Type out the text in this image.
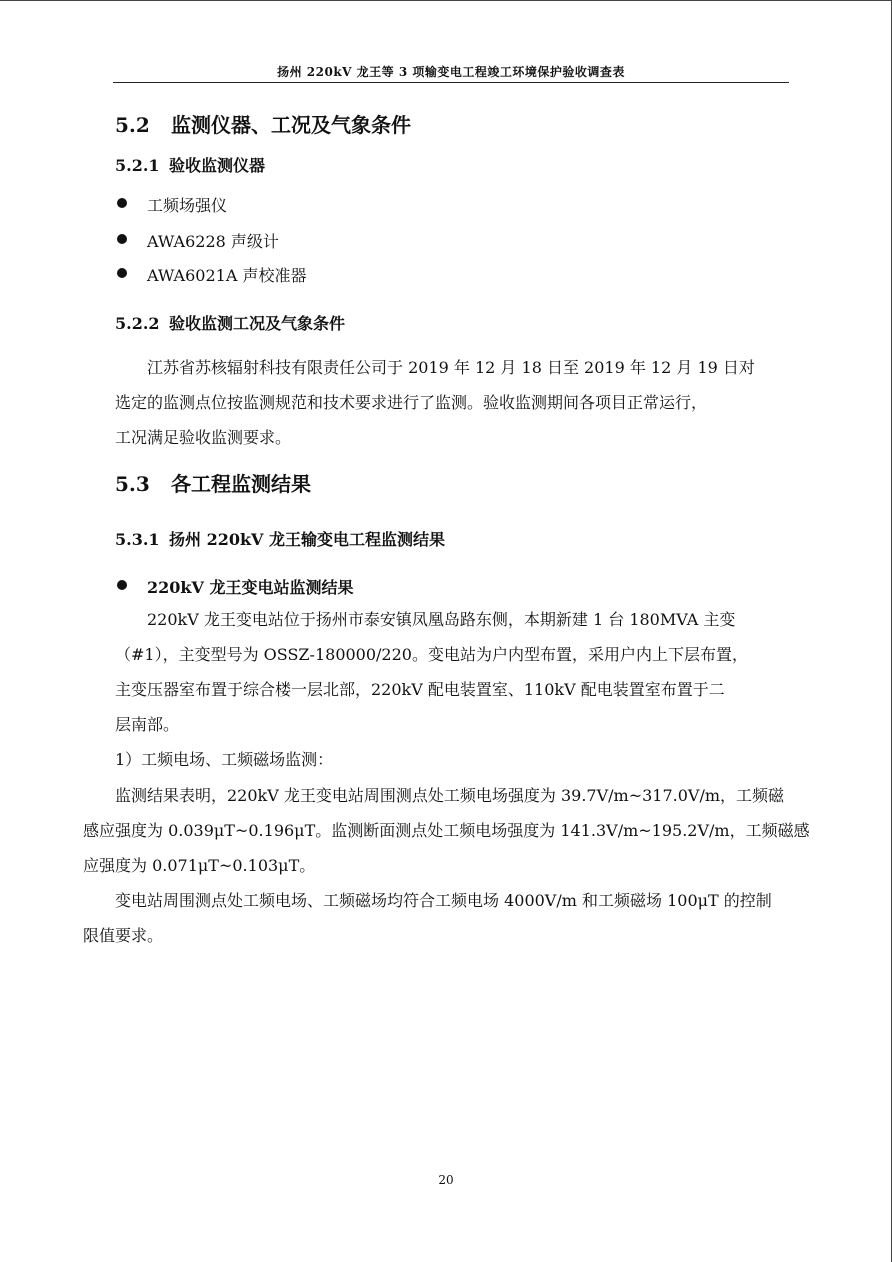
扬州 220kV 龙王等 3 项输变电工程竣工环境保护验收调查表
5.2 监测仪器、工况及气象条件
5.2.1 验收监测仪器
工频场强仪
AWA6228 声级计
AWA6021A 声校准器
5.2.2 验收监测工况及气象条件
江苏省苏核辐射科技有限责任公司于 2019 年 12 月 18 日至 2019 年 12 月 19 日对
选定的监测点位按监测规范和技术要求进行了监测。验收监测期间各项目正常运行，
工况满足验收监测要求。
5.3 各工程监测结果
5.3.1 扬州 220kV 龙王输变电工程监测结果
220kV 龙王变电站监测结果
220kV 龙王变电站位于扬州市泰安镇凤凰岛路东侧，本期新建 1 台 180MVA 主变
（#1），主变型号为 OSSZ-180000/220。变电站为户内型布置，采用户内上下层布置，
主变压器室布置于综合楼一层北部，220kV 配电装置室、110kV 配电装置室布置于二
层南部。
1）工频电场、工频磁场监测：
监测结果表明，220kV 龙王变电站周围测点处工频电场强度为 39.7V/m~317.0V/m，工频磁
感应强度为 0.039μT~0.196μT。监测断面测点处工频电场强度为 141.3V/m~195.2V/m，工频磁感
应强度为 0.071μT~0.103μT。
变电站周围测点处工频电场、工频磁场均符合工频电场 4000V/m 和工频磁场 100μT 的控制
限值要求。
20
